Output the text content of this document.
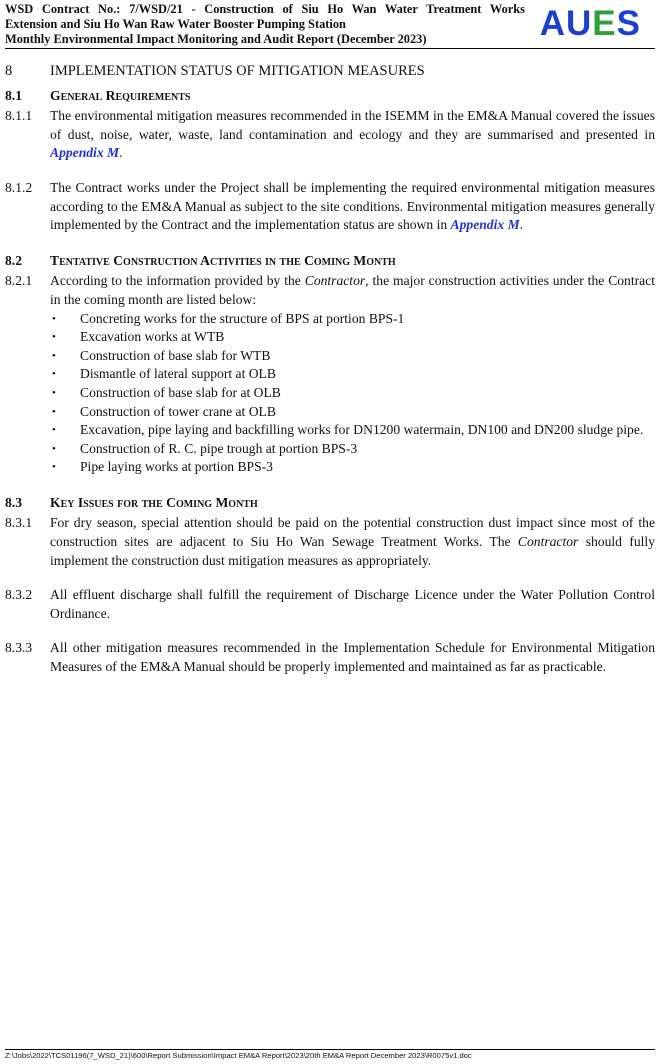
WSD Contract No.: 7/WSD/21 - Construction of Siu Ho Wan Water Treatment Works
Extension and Siu Ho Wan Raw Water Booster Pumping Station
Monthly Environmental Impact Monitoring and Audit Report (December 2023)	AUES
8	IMPLEMENTATION STATUS OF MITIGATION MEASURES
8.1	General Requirements
8.1.1	The environmental mitigation measures recommended in the ISEMM in the EM&A Manual covered the issues of dust, noise, water, waste, land contamination and ecology and they are summarised and presented in Appendix M.
8.1.2	The Contract works under the Project shall be implementing the required environmental mitigation measures according to the EM&A Manual as subject to the site conditions. Environmental mitigation measures generally implemented by the Contract and the implementation status are shown in Appendix M.
8.2	Tentative Construction Activities in the Coming Month
8.2.1	According to the information provided by the Contractor, the major construction activities under the Contract in the coming month are listed below:
•	Concreting works for the structure of BPS at portion BPS-1
•	Excavation works at WTB
•	Construction of base slab for WTB
•	Dismantle of lateral support at OLB
•	Construction of base slab for at OLB
•	Construction of tower crane at OLB
•	Excavation, pipe laying and backfilling works for DN1200 watermain, DN100 and DN200 sludge pipe.
•	Construction of R. C. pipe trough at portion BPS-3
•	Pipe laying works at portion BPS-3
8.3	Key Issues for the Coming Month
8.3.1	For dry season, special attention should be paid on the potential construction dust impact since most of the construction sites are adjacent to Siu Ho Wan Sewage Treatment Works. The Contractor should fully implement the construction dust mitigation measures as appropriately.
8.3.2	All effluent discharge shall fulfill the requirement of Discharge Licence under the Water Pollution Control Ordinance.
8.3.3	All other mitigation measures recommended in the Implementation Schedule for Environmental Mitigation Measures of the EM&A Manual should be properly implemented and maintained as far as practicable.
Z:\Jobs\2022\TCS01196(7_WSD_21)\600\Report Submission\Impact EM&A Report\2023\20th EM&A Report December 2023\R0075v1.doc
